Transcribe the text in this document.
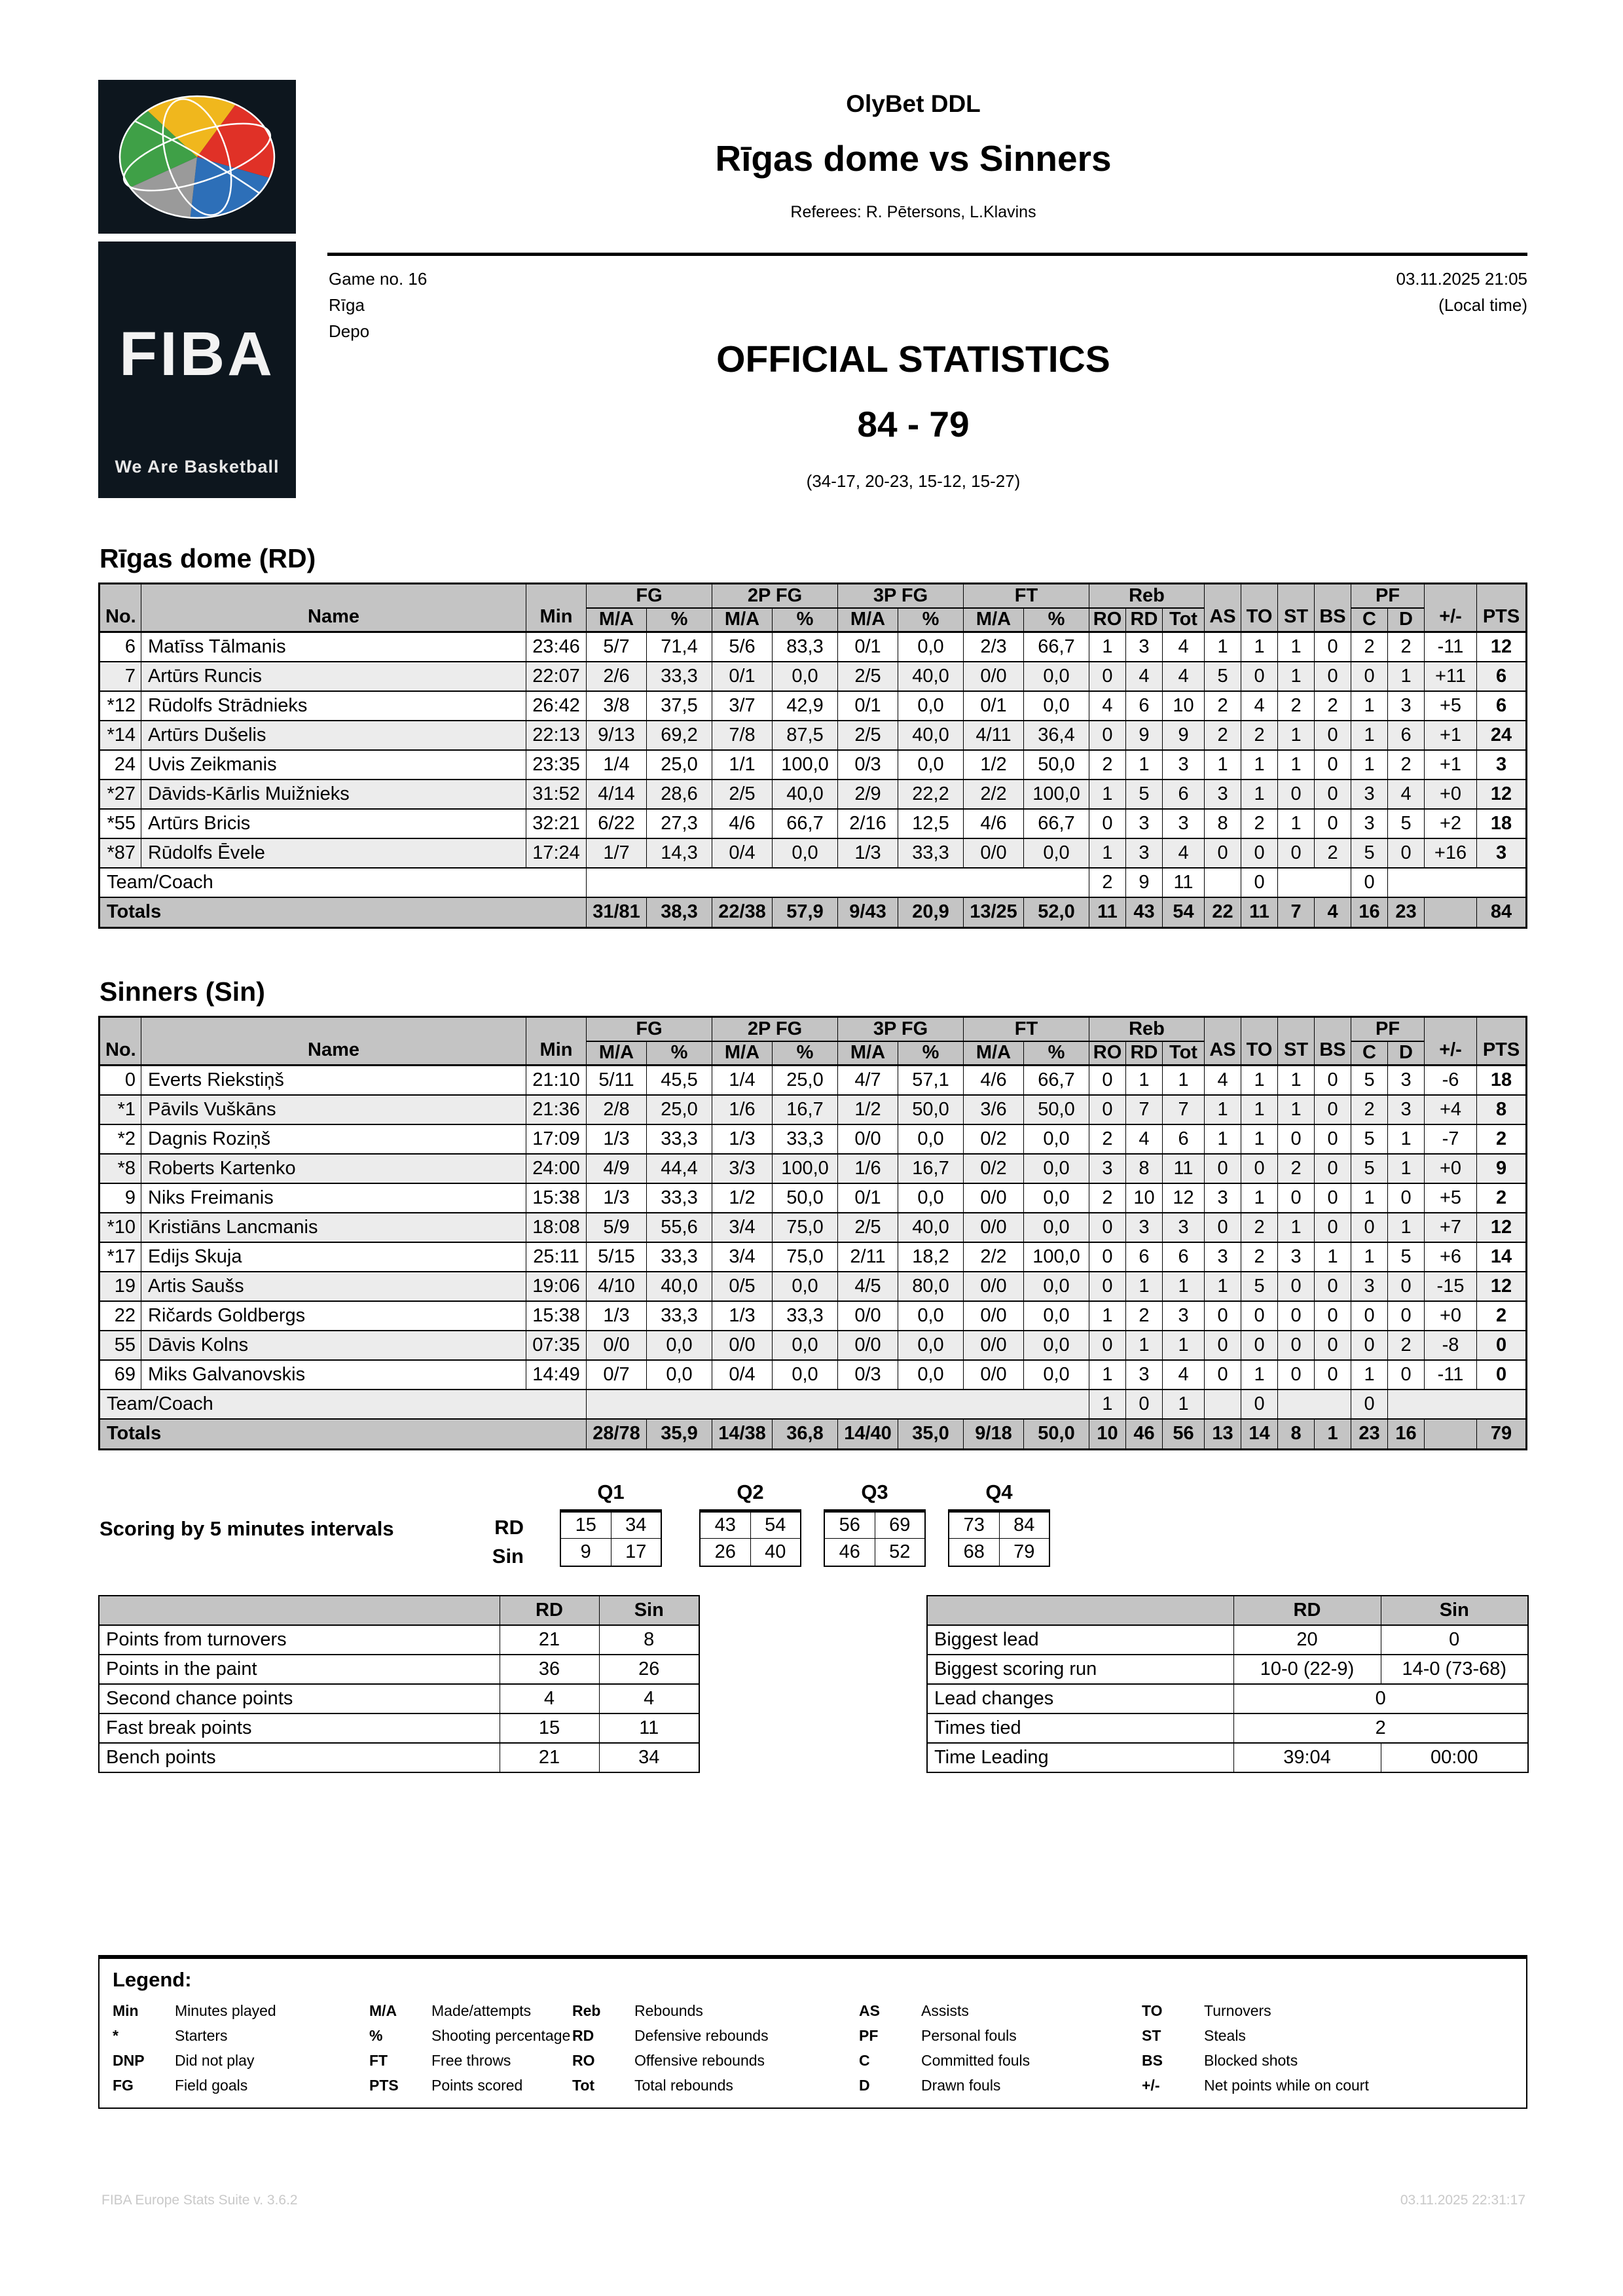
FIBA
We Are Basketball
OlyBet DDL
Rīgas dome vs Sinners
Referees: R. Pētersons, L.Klavins
Game no. 16
Rīga
Depo
03.11.2025 21:05
(Local time)
OFFICIAL STATISTICS
84 - 79
(34-17, 20-23, 15-12, 15-27)
Rīgas dome (RD)
No.	Name	Min	FG		2P FG		3P FG		FT		Reb			AS	TO	ST	BS	PF		+/-	PTS
			M/A	%	M/A	%	M/A	%	M/A	%	RO	RD	Tot					C	D		
6	Matīss Tālmanis	23:46	5/7	71,4	5/6	83,3	0/1	0,0	2/3	66,7	1	3	4	1	1	1	0	2	2	-11	12
7	Artūrs Runcis	22:07	2/6	33,3	0/1	0,0	2/5	40,0	0/0	0,0	0	4	4	5	0	1	0	0	1	+11	6
*12	Rūdolfs Strādnieks	26:42	3/8	37,5	3/7	42,9	0/1	0,0	0/1	0,0	4	6	10	2	4	2	2	1	3	+5	6
*14	Artūrs Dušelis	22:13	9/13	69,2	7/8	87,5	2/5	40,0	4/11	36,4	0	9	9	2	2	1	0	1	6	+1	24
24	Uvis Zeikmanis	23:35	1/4	25,0	1/1	100,0	0/3	0,0	1/2	50,0	2	1	3	1	1	1	0	1	2	+1	3
*27	Dāvids-Kārlis Muižnieks	31:52	4/14	28,6	2/5	40,0	2/9	22,2	2/2	100,0	1	5	6	3	1	0	0	3	4	+0	12
*55	Artūrs Bricis	32:21	6/22	27,3	4/6	66,7	2/16	12,5	4/6	66,7	0	3	3	8	2	1	0	3	5	+2	18
*87	Rūdolfs Ēvele	17:24	1/7	14,3	0/4	0,0	1/3	33,3	0/0	0,0	1	3	4	0	0	0	2	5	0	+16	3
Team/Coach											2	9	11		0			0			
Totals			31/81	38,3	22/38	57,9	9/43	20,9	13/25	52,0	11	43	54	22	11	7	4	16	23		84
Sinners (Sin)
No.	Name	Min	FG		2P FG		3P FG		FT		Reb			AS	TO	ST	BS	PF		+/-	PTS
			M/A	%	M/A	%	M/A	%	M/A	%	RO	RD	Tot					C	D		
0	Everts Riekstiņš	21:10	5/11	45,5	1/4	25,0	4/7	57,1	4/6	66,7	0	1	1	4	1	1	0	5	3	-6	18
*1	Pāvils Vuškāns	21:36	2/8	25,0	1/6	16,7	1/2	50,0	3/6	50,0	0	7	7	1	1	1	0	2	3	+4	8
*2	Dagnis Roziņš	17:09	1/3	33,3	1/3	33,3	0/0	0,0	0/2	0,0	2	4	6	1	1	0	0	5	1	-7	2
*8	Roberts Kartenko	24:00	4/9	44,4	3/3	100,0	1/6	16,7	0/2	0,0	3	8	11	0	0	2	0	5	1	+0	9
9	Niks Freimanis	15:38	1/3	33,3	1/2	50,0	0/1	0,0	0/0	0,0	2	10	12	3	1	0	0	1	0	+5	2
*10	Kristiāns Lancmanis	18:08	5/9	55,6	3/4	75,0	2/5	40,0	0/0	0,0	0	3	3	0	2	1	0	0	1	+7	12
*17	Edijs Skuja	25:11	5/15	33,3	3/4	75,0	2/11	18,2	2/2	100,0	0	6	6	3	2	3	1	1	5	+6	14
19	Artis Saušs	19:06	4/10	40,0	0/5	0,0	4/5	80,0	0/0	0,0	0	1	1	1	5	0	0	3	0	-15	12
22	Ričards Goldbergs	15:38	1/3	33,3	1/3	33,3	0/0	0,0	0/0	0,0	1	2	3	0	0	0	0	0	0	+0	2
55	Dāvis Kolns	07:35	0/0	0,0	0/0	0,0	0/0	0,0	0/0	0,0	0	1	1	0	0	0	0	0	2	-8	0
69	Miks Galvanovskis	14:49	0/7	0,0	0/4	0,0	0/3	0,0	0/0	0,0	1	3	4	0	1	0	0	1	0	-11	0
Team/Coach											1	0	1		0			0			
Totals			28/78	35,9	14/38	36,8	14/40	35,0	9/18	50,0	10	46	56	13	14	8	1	23	16		79
Scoring by 5 minutes intervals	RD
Sin
Q1
15	34
9	17
Q2
43	54
26	40
Q3
56	69
46	52
Q4
73	84
68	79
	RD	Sin
Points from turnovers	21	8
Points in the paint	36	26
Second chance points	4	4
Fast break points	15	11
Bench points	21	34
	RD	Sin
Biggest lead	20	0
Biggest scoring run	10-0 (22-9)	14-0 (73-68)
Lead changes	0	
Times tied	2	
Time Leading	39:04	00:00
Legend:
Min	Minutes played
*	Starters
DNP	Did not play
FG	Field goals
M/A	Made/attempts
%	Shooting percentage
FT	Free throws
PTS	Points scored
Reb	Rebounds
RD	Defensive rebounds
RO	Offensive rebounds
Tot	Total rebounds
AS	Assists
PF	Personal fouls
C	Committed fouls
D	Drawn fouls
TO	Turnovers
ST	Steals
BS	Blocked shots
+/-	Net points while on court
FIBA Europe Stats Suite v. 3.6.2	03.11.2025 22:31:17
